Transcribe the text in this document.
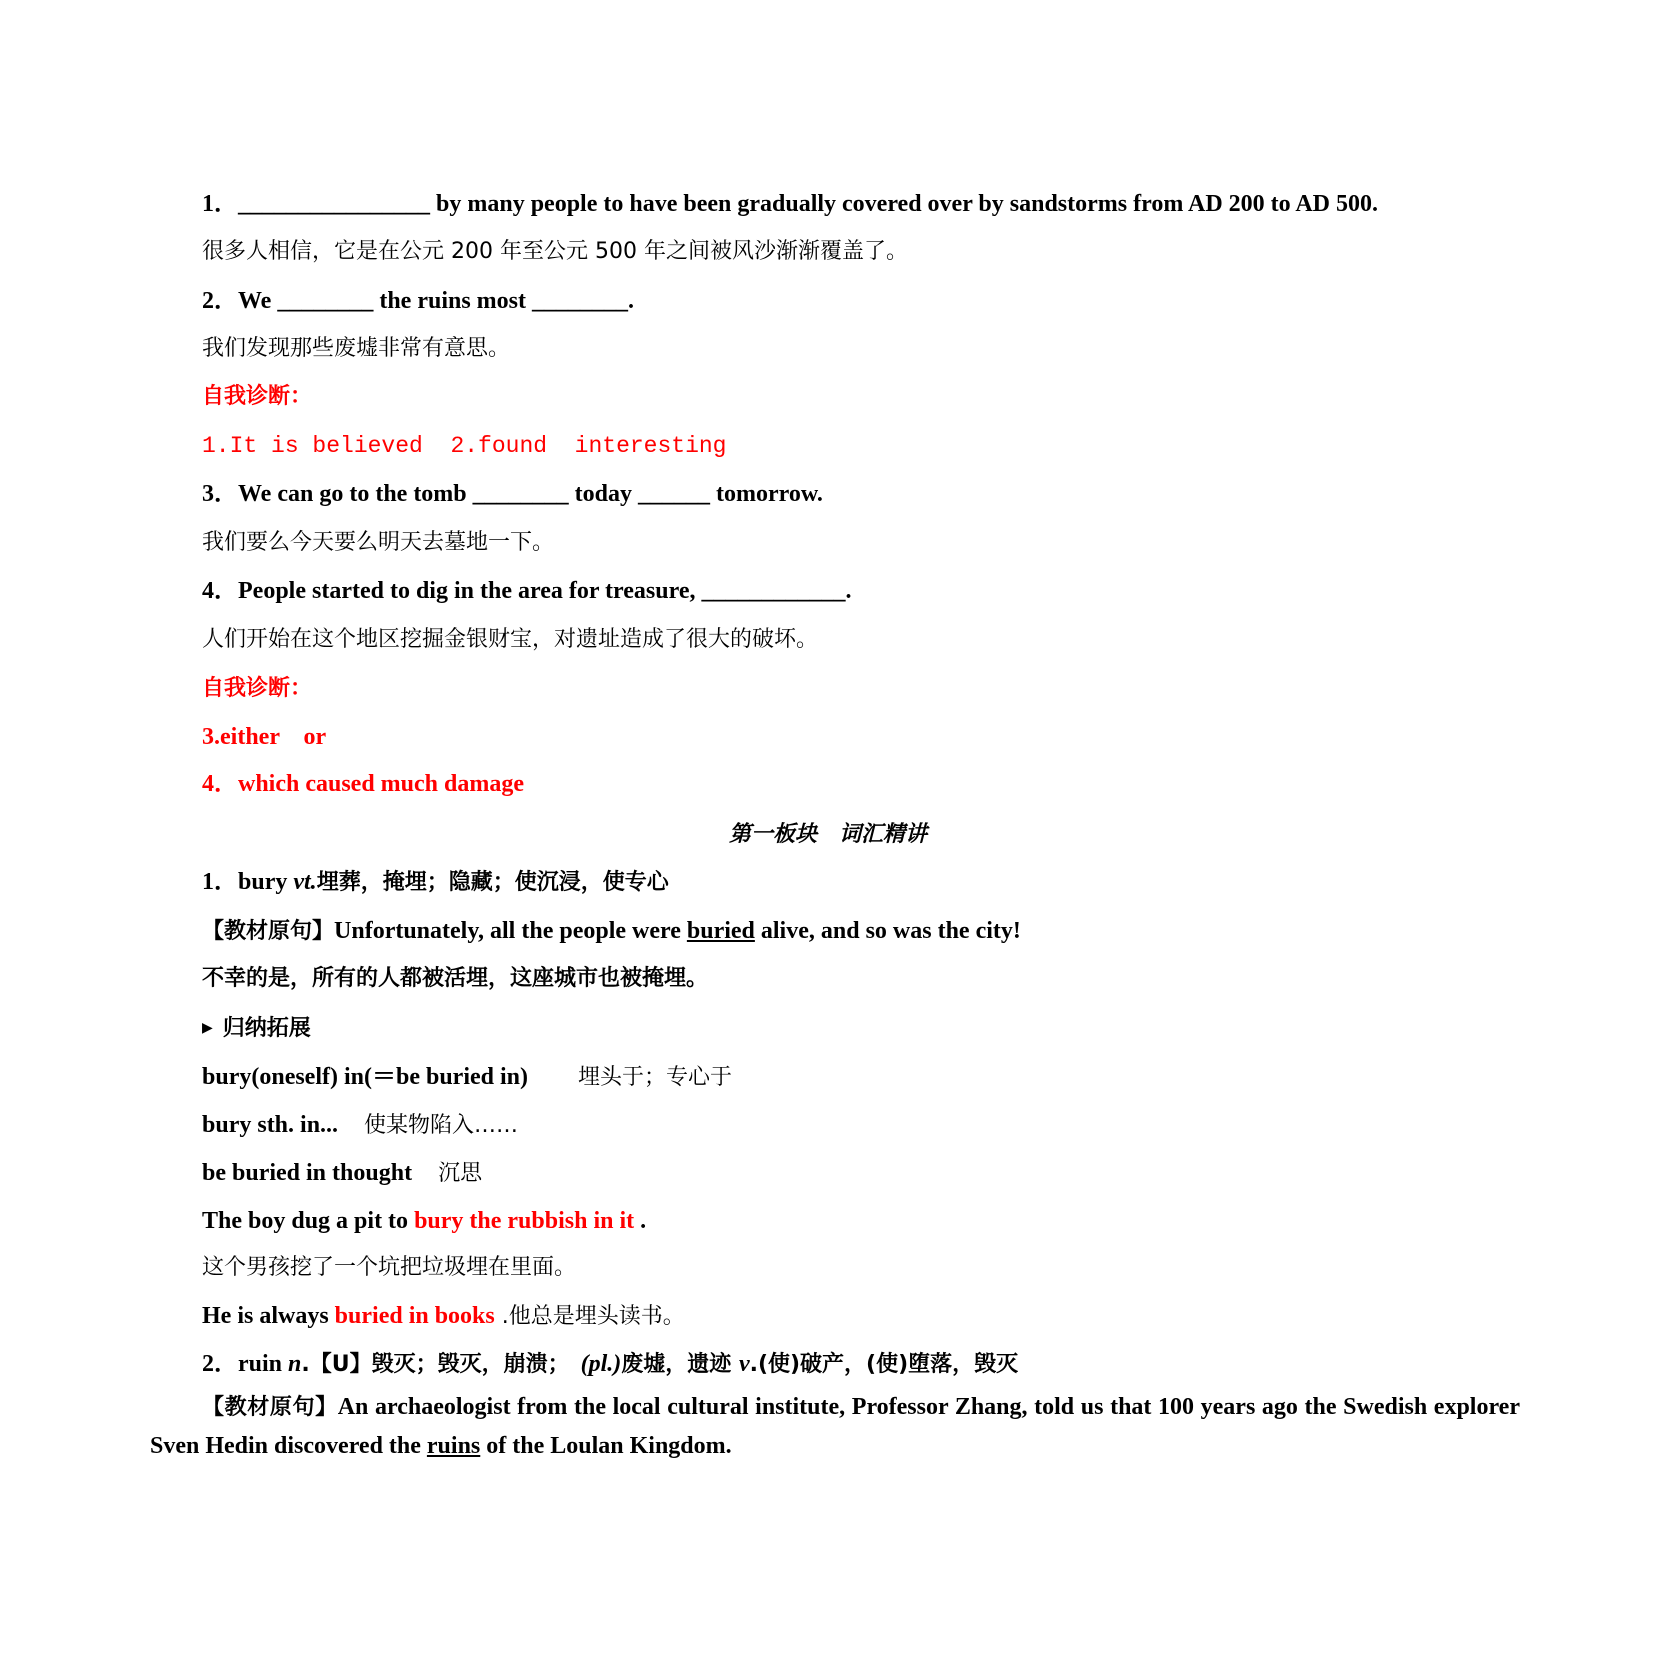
1．________________ by many people to have been gradually covered over by sandstorms from AD 200 to AD 500.
很多人相信，它是在公元 200 年至公元 500 年之间被风沙渐渐覆盖了。
2．We ________ the ruins most ________.
我们发现那些废墟非常有意思。
自我诊断：
1.It is believed  2.found  interesting
3．We can go to the tomb ________ today ______ tomorrow.
我们要么今天要么明天去墓地一下。
4．People started to dig in the area for treasure, ____________.
人们开始在这个地区挖掘金银财宝，对遗址造成了很大的破坏。
自我诊断：
3.either    or
4．which caused much damage
第一板块　词汇精讲
1．bury vt.埋葬，掩埋；隐藏；使沉浸，使专心
【教材原句】Unfortunately, all the people were buried alive, and so was the city!
不幸的是，所有的人都被活埋，这座城市也被掩埋。
▶ 归纳拓展
bury(oneself) in(＝be buried in) 埋头于；专心于
bury sth. in... 使某物陷入……
be buried in thought 沉思
The boy dug a pit to bury the rubbish in it .
这个男孩挖了一个坑把垃圾埋在里面。
He is always buried in books .他总是埋头读书。
2．ruin n.【U】毁灭；毁灭，崩溃；　(pl.)废墟，遗迹 v.(使)破产，(使)堕落，毁灭
【教材原句】An archaeologist from the local cultural institute, Professor Zhang, told us that 100 years ago the Swedish explorer Sven Hedin discovered the ruins of the Loulan Kingdom.
